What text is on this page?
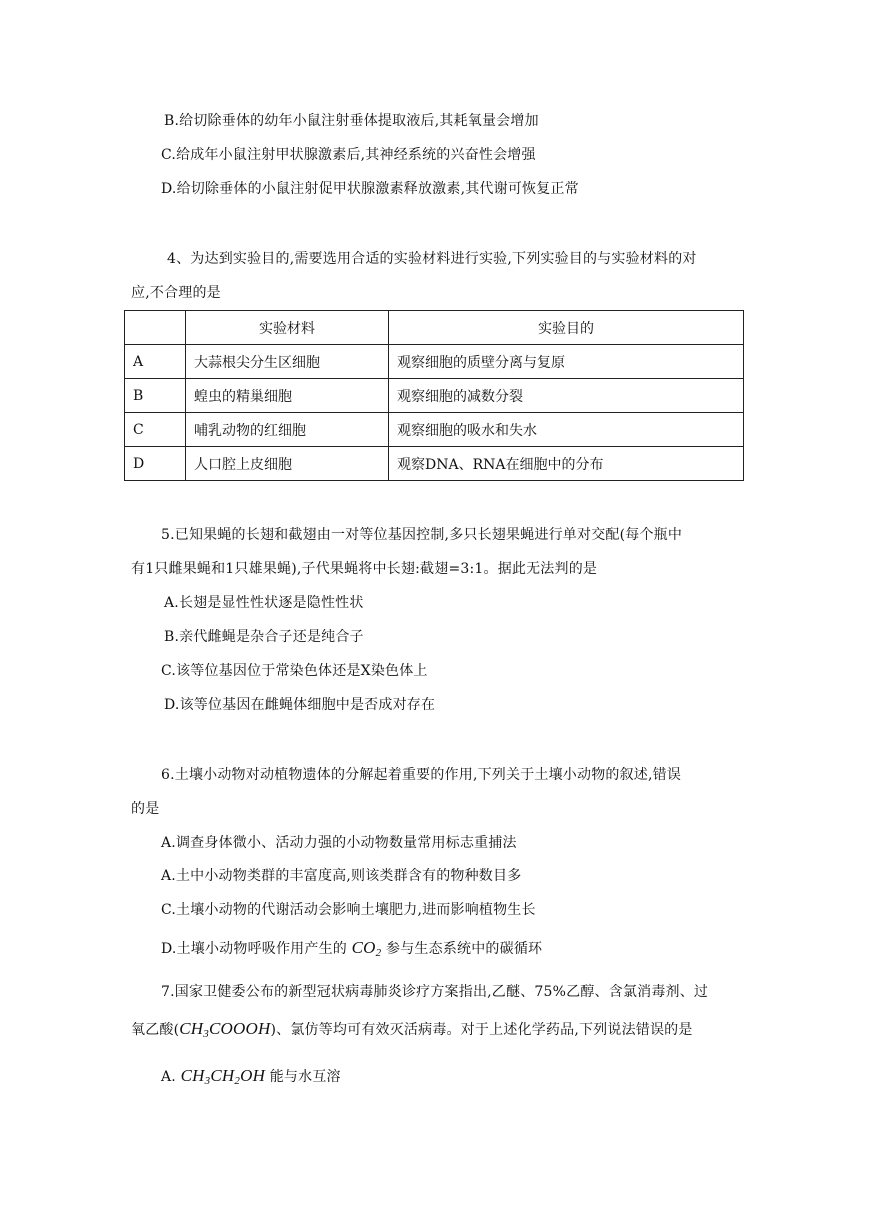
B.给切除垂体的幼年小鼠注射垂体提取液后,其耗氧量会增加
C.给成年小鼠注射甲状腺激素后,其神经系统的兴奋性会增强
D.给切除垂体的小鼠注射促甲状腺激素释放激素,其代谢可恢复正常
4、为达到实验目的,需要选用合适的实验材料进行实验,下列实验目的与实验材料的对
应,不合理的是
	实验材料	实验目的
A	大蒜根尖分生区细胞	观察细胞的质壁分离与复原
B	蝗虫的精巢细胞	观察细胞的减数分裂
C	哺乳动物的红细胞	观察细胞的吸水和失水
D	人口腔上皮细胞	观察DNA、RNA在细胞中的分布
5.已知果蝇的长翅和截翅由一对等位基因控制,多只长翅果蝇进行单对交配(每个瓶中
有1只雌果蝇和1只雄果蝇),子代果蝇将中长翅:截翅=3:1。据此无法判的是
A.长翅是显性性状逐是隐性性状
B.亲代雌蝇是杂合子还是纯合子
C.该等位基因位于常染色体还是X染色体上
D.该等位基因在雌蝇体细胞中是否成对存在
6.土壤小动物对动植物遗体的分解起着重要的作用,下列关于土壤小动物的叙述,错误
的是
A.调查身体微小、活动力强的小动物数量常用标志重捕法
A.土中小动物类群的丰富度高,则该类群含有的物种数目多
C.土壤小动物的代谢活动会影响土壤肥力,进而影响植物生长
D.土壤小动物呼吸作用产生的 $CO_2$ 参与生态系统中的碳循环
7.国家卫健委公布的新型冠状病毒肺炎诊疗方案指出,乙醚、75%乙醇、含氯消毒剂、过
氧乙酸$(CH_3COOOH)$、氯仿等均可有效灭活病毒。对于上述化学药品,下列说法错误的是
A. $CH_3CH_2OH$ 能与水互溶
